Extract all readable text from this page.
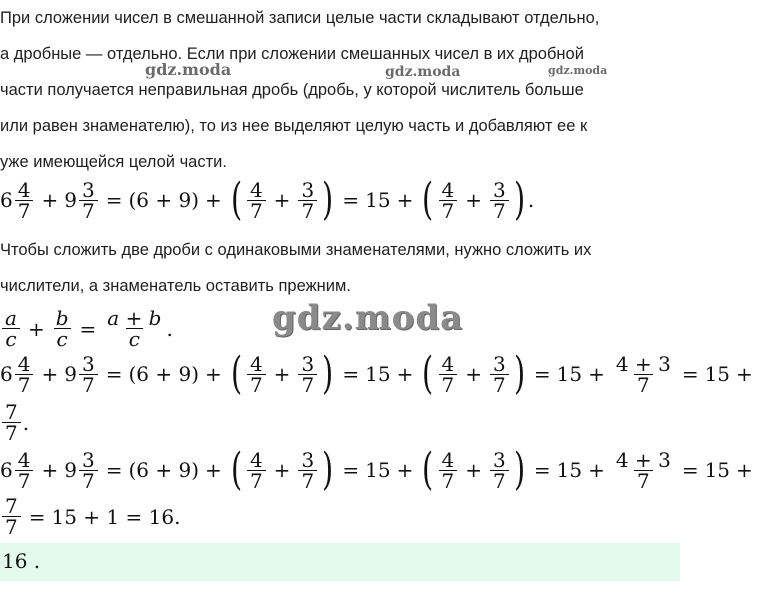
При сложении чисел в смешанной записи целые части складывают отдельно,

а дробные — отдельно. Если при сложении смешанных чисел в их дробной

части получается неправильная дробь (дробь, у которой числитель больше

или равен знаменателю), то из нее выделяют целую часть и добавляют ее к

уже имеющейся целой части.

gdz.moda	gdz.moda	gdz.moda
$6 \frac{4}{7} + 9 \frac{3}{7} = (6 + 9)$ + ( $\frac{4}{7} + \frac{3}{7}$ ) = 15 + ( $\frac{4}{7} + \frac{3}{7}$ ) .

Чтобы сложить две дроби с одинаковыми знаменателями, нужно сложить их

числители, а знаменатель оставить прежним.

$\frac{a}{c} + \frac{b}{c} = \frac{a + b}{c}$ .	gdz.moda
$6 \frac{4}{7} + 9 \frac{3}{7} = (6 + 9)$ + ( $\frac{4}{7} + \frac{3}{7}$ ) = 15 + ( $\frac{4}{7} + \frac{3}{7}$ ) = $15 + \frac{4 + 3}{7} = 15$ +
$\frac{7}{7}$ .
$6 \frac{4}{7} + 9 \frac{3}{7} = (6 + 9)$ + ( $\frac{4}{7} + \frac{3}{7}$ ) = 15 + ( $\frac{4}{7} + \frac{3}{7}$ ) = $15 + \frac{4 + 3}{7} = 15$ +
$\frac{7}{7} = 15 + 1 = 16$.
16 .
